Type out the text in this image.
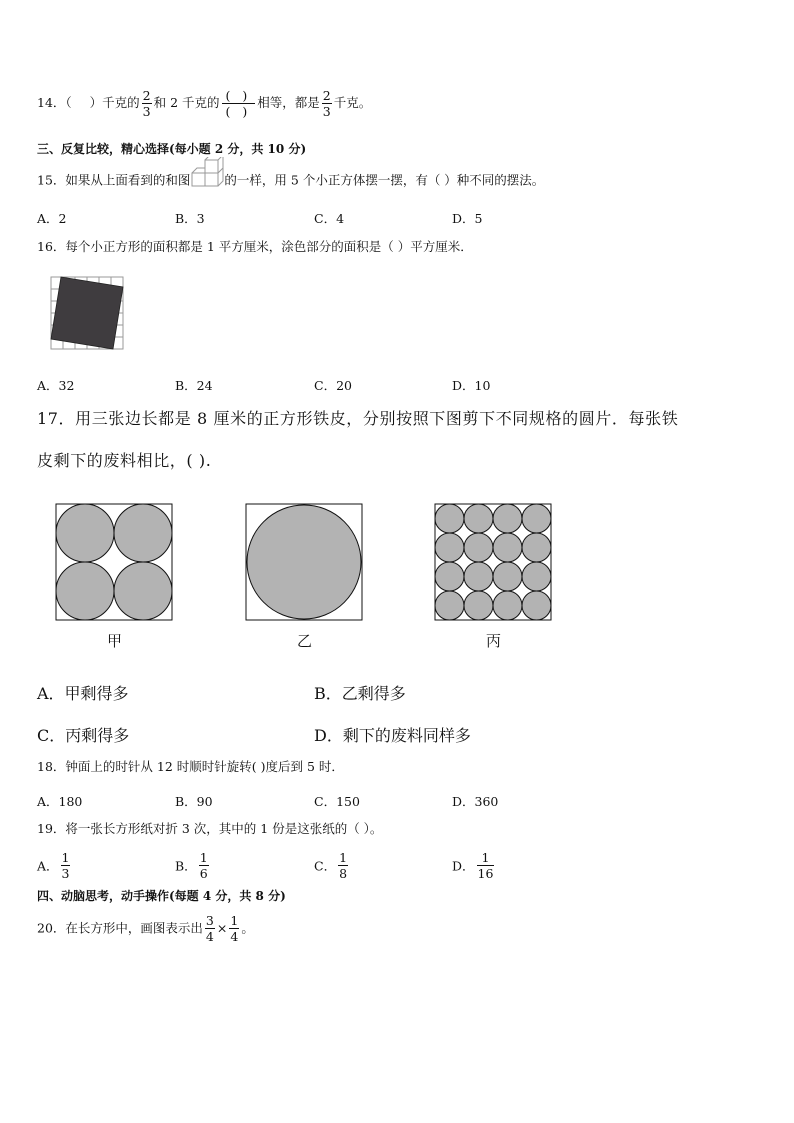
14．（ ）千克的 $\frac{2}{3}$ 和 2 千克的 $\frac{( )}{( )}$ 相等，都是 $\frac{2}{3}$ 千克。
三、反复比较，精心选择(每小题 2 分，共 10 分)
15．如果从上面看到的和图	的一样，用 5 个小正方体摆一摆，有（ ）种不同的摆法。
A．2	B．3	C．4	D．5
16．每个小正方形的面积都是 1 平方厘米，涂色部分的面积是（ ）平方厘米．
A．32	B．24	C．20	D．10
17．用三张边长都是 8 厘米的正方形铁皮，分别按照下图剪下不同规格的圆片．每张铁
皮剩下的废料相比，( ).
甲	乙	丙
A．甲剩得多	B．乙剩得多
C．丙剩得多	D．剩下的废料同样多
18．钟面上的时针从 12 时顺时针旋转( )度后到 5 时．
A．180	B．90	C．150	D．360
19．将一张长方形纸对折 3 次，其中的 1 份是这张纸的（ ）。
A． $\frac{1}{3}$	B． $\frac{1}{6}$	C． $\frac{1}{8}$	D． $\frac{1}{16}$
四、动脑思考，动手操作(每题 4 分，共 8 分)
20．在长方形中，画图表示出 $\frac{3}{4} \times \frac{1}{4}$ 。
